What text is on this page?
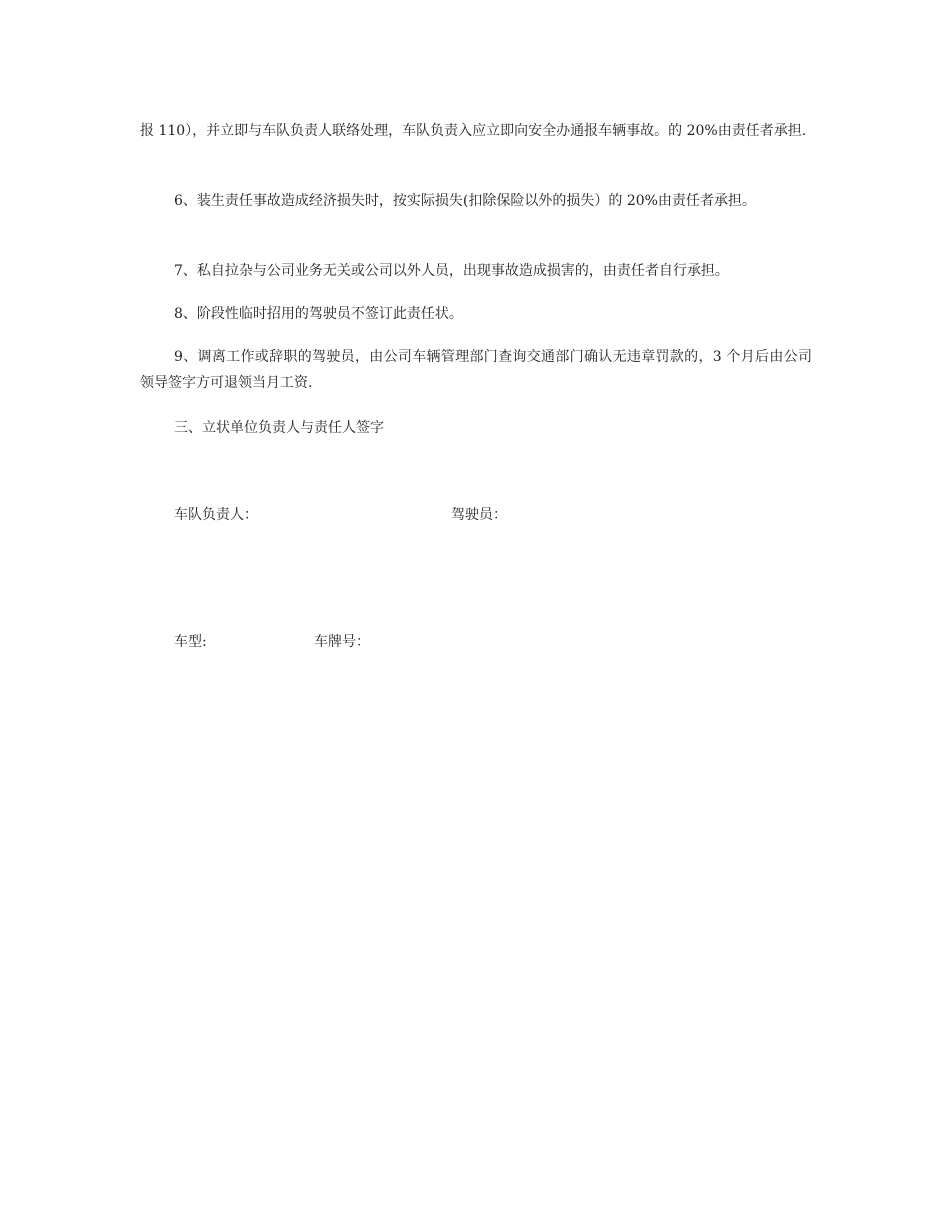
报 110），并立即与车队负责人联络处理，车队负责入应立即向安全办通报车辆事故。的 20%由责任者承担.

6、装生责任事故造成经济损失时，按实际损失(扣除保险以外的损失）的 20%由责任者承担。

7、私自拉杂与公司业务无关或公司以外人员，出现事故造成损害的，由责任者自行承担。

8、阶段性临时招用的驾驶员不签订此责任状。

9、调离工作或辞职的驾驶员，由公司车辆管理部门查询交通部门确认无违章罚款的，3 个月后由公司领导签字方可退领当月工资.

三、立状单位负责人与责任人签字

车队负责人：	驾驶员：
车型:	车牌号：
